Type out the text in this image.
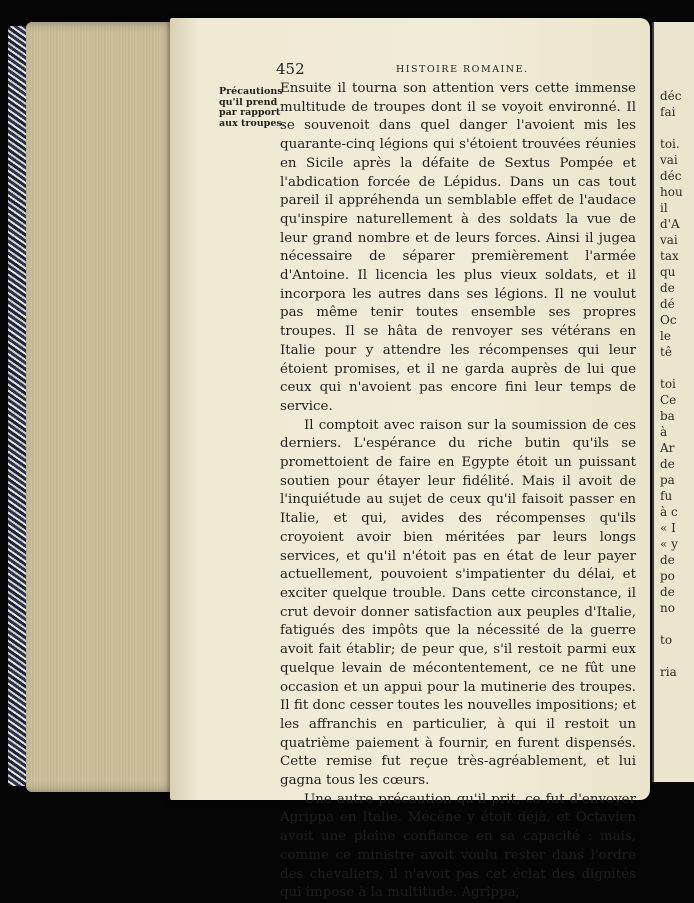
452	HISTOIRE ROMAINE.
Précautions
qu'il prend
par rapport
aux troupes.

Ensuite il tourna son attention vers cette immense multitude de troupes dont il se voyoit environné. Il se souvenoit dans quel danger l'avoient mis les quarante-cinq légions qui s'étoient trouvées réunies en Sicile après la défaite de Sextus Pompée et l'abdication forcée de Lépidus. Dans un cas tout pareil il appréhenda un semblable effet de l'audace qu'inspire naturellement à des soldats la vue de leur grand nombre et de leurs forces. Ainsi il jugea nécessaire de séparer premièrement l'armée d'Antoine. Il licencia les plus vieux soldats, et il incorpora les autres dans ses légions. Il ne voulut pas même tenir toutes ensemble ses propres troupes. Il se hâta de renvoyer ses vétérans en Italie pour y attendre les récompenses qui leur étoient promises, et il ne garda auprès de lui que ceux qui n'avoient pas encore fini leur temps de service.

Il comptoit avec raison sur la soumission de ces derniers. L'espérance du riche butin qu'ils se promettoient de faire en Egypte étoit un puissant soutien pour étayer leur fidélité. Mais il avoit de l'inquiétude au sujet de ceux qu'il faisoit passer en Italie, et qui, avides des récompenses qu'ils croyoient avoir bien méritées par leurs longs services, et qu'il n'étoit pas en état de leur payer actuellement, pouvoient s'impatienter du délai, et exciter quelque trouble. Dans cette circonstance, il crut devoir donner satisfaction aux peuples d'Italie, fatigués des impôts que la nécessité de la guerre avoit fait établir; de peur que, s'il restoit parmi eux quelque levain de mécontentement, ce ne fût une occasion et un appui pour la mutinerie des troupes. Il fit donc cesser toutes les nouvelles impositions; et les affranchis en particulier, à qui il restoit un quatrième paiement à fournir, en furent dispensés. Cette remise fut reçue très-agréablement, et lui gagna tous les cœurs.

Une autre précaution qu'il prit, ce fut d'envoyer Agrippa en Italie. Mécène y étoit déjà, et Octavien avoit une pleine confiance en sa capacité : mais, comme ce ministre avoit voulu rester dans l'ordre des chevaliers, il n'avoit pas cet éclat des dignités qui impose à la multitude. Agrippa,

déc
fai

toi.
vai
déc
hou
il
d'A
vai
tax
qu
de
dé
Oc
le
tê

toi
Ce
ba
à
Ar
de
pa
fu
à c
« I
« y
de
po
de
no

to

ria
